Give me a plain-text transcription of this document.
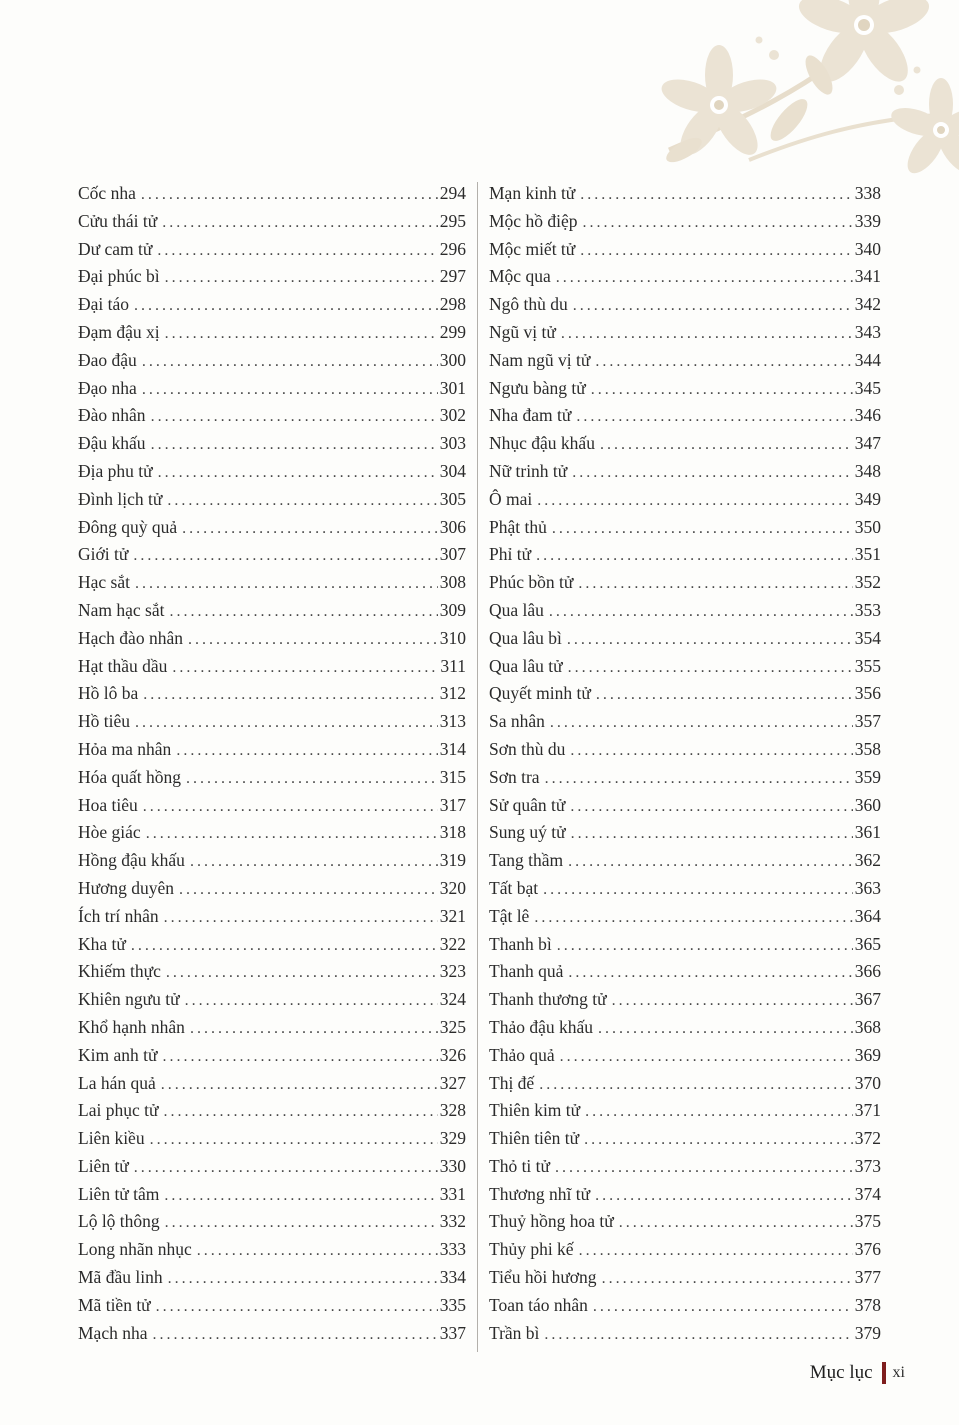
Cốc nha .....	294
Cửu thái tử .....	295
Dư cam tử .....	296
Đại phúc bì .....	297
Đại táo .....	298
Đạm đậu xị .....	299
Đao đậu .....	300
Đạo nha .....	301
Đào nhân .....	302
Đậu khấu .....	303
Địa phu tử .....	304
Đình lịch tử .....	305
Đông quỳ quả .....	306
Giới tử .....	307
Hạc sắt .....	308
Nam hạc sắt .....	309
Hạch đào nhân .....	310
Hạt thầu dầu .....	311
Hồ lô ba .....	312
Hồ tiêu .....	313
Hỏa ma nhân .....	314
Hóa quất hồng .....	315
Hoa tiêu .....	317
Hòe giác .....	318
Hồng đậu khấu .....	319
Hương duyên .....	320
Ích trí nhân .....	321
Kha tử .....	322
Khiếm thực .....	323
Khiên ngưu tử .....	324
Khổ hạnh nhân .....	325
Kim anh tử .....	326
La hán quả .....	327
Lai phục tử .....	328
Liên kiều .....	329
Liên tử .....	330
Liên tử tâm .....	331
Lộ lộ thông .....	332
Long nhãn nhục .....	333
Mã đầu linh .....	334
Mã tiền tử .....	335
Mạch nha .....	337
Mạn kinh tử .....	338
Mộc hồ điệp .....	339
Mộc miết tử .....	340
Mộc qua .....	341
Ngô thù du .....	342
Ngũ vị tử .....	343
Nam ngũ vị tử .....	344
Ngưu bàng tử .....	345
Nha đam tử .....	346
Nhục đậu khấu .....	347
Nữ trinh tử .....	348
Ô mai .....	349
Phật thủ .....	350
Phỉ tử .....	351
Phúc bồn tử .....	352
Qua lâu .....	353
Qua lâu bì .....	354
Qua lâu tử .....	355
Quyết minh tử .....	356
Sa nhân .....	357
Sơn thù du .....	358
Sơn tra .....	359
Sử quân tử .....	360
Sung uý tử .....	361
Tang thầm .....	362
Tất bạt .....	363
Tật lê .....	364
Thanh bì .....	365
Thanh quả .....	366
Thanh thương tử .....	367
Thảo đậu khấu .....	368
Thảo quả .....	369
Thị đế .....	370
Thiên kim tử .....	371
Thiên tiên tử .....	372
Thỏ ti tử .....	373
Thương nhĩ tử .....	374
Thuỷ hồng hoa tử .....	375
Thủy phi kế .....	376
Tiểu hồi hương .....	377
Toan táo nhân .....	378
Trần bì .....	379
Mục lục xi
